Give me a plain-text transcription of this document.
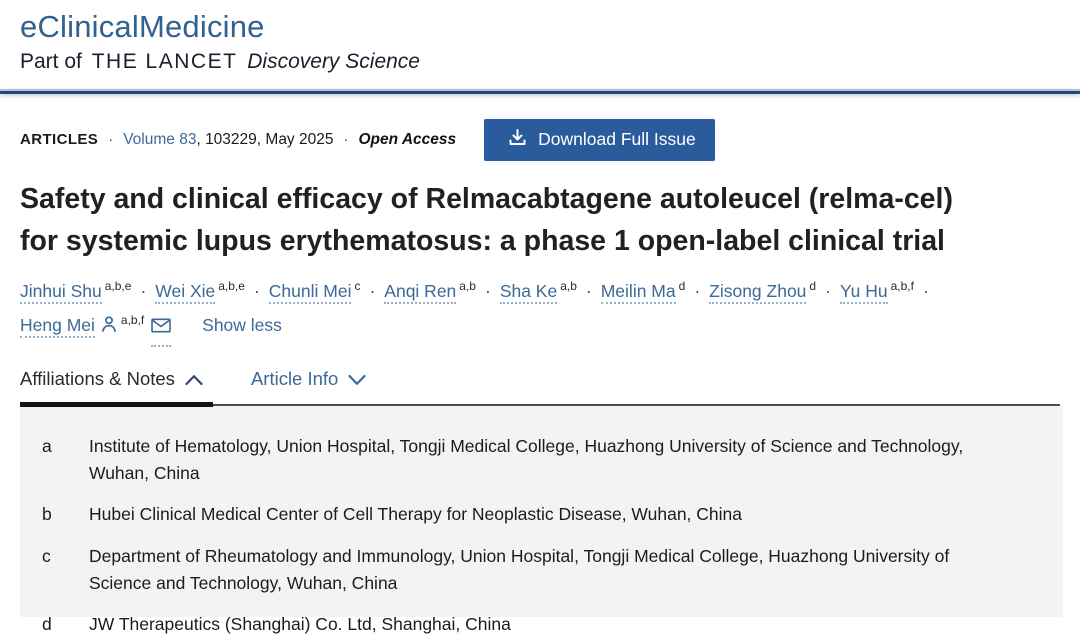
eClinicalMedicine
Part of THE LANCET Discovery Science
ARTICLES · Volume 83 , 103229, May 2025 · Open Access	Download Full Issue
Safety and clinical efficacy of Relmacabtagene autoleucel (relma-cel)
for systemic lupus erythematosus: a phase 1 open-label clinical trial
Jinhui Shu $^{a,b,e}$ · Wei Xie $^{a,b,e}$ · Chunli Mei $^c$ · Anqi Ren $^{a,b}$ · Sha Ke $^{a,b}$ · Meilin Ma $^d$ · Zisong Zhou $^d$ · Yu Hu $^{a,b,f}$ ·
Heng Mei $^{a,b,f}$	Show less
Affiliations & Notes	Article Info
a	Institute of Hematology, Union Hospital, Tongji Medical College, Huazhong University of Science and Technology, Wuhan, China
b	Hubei Clinical Medical Center of Cell Therapy for Neoplastic Disease, Wuhan, China
c	Department of Rheumatology and Immunology, Union Hospital, Tongji Medical College, Huazhong University of Science and Technology, Wuhan, China
d	JW Therapeutics (Shanghai) Co. Ltd, Shanghai, China
